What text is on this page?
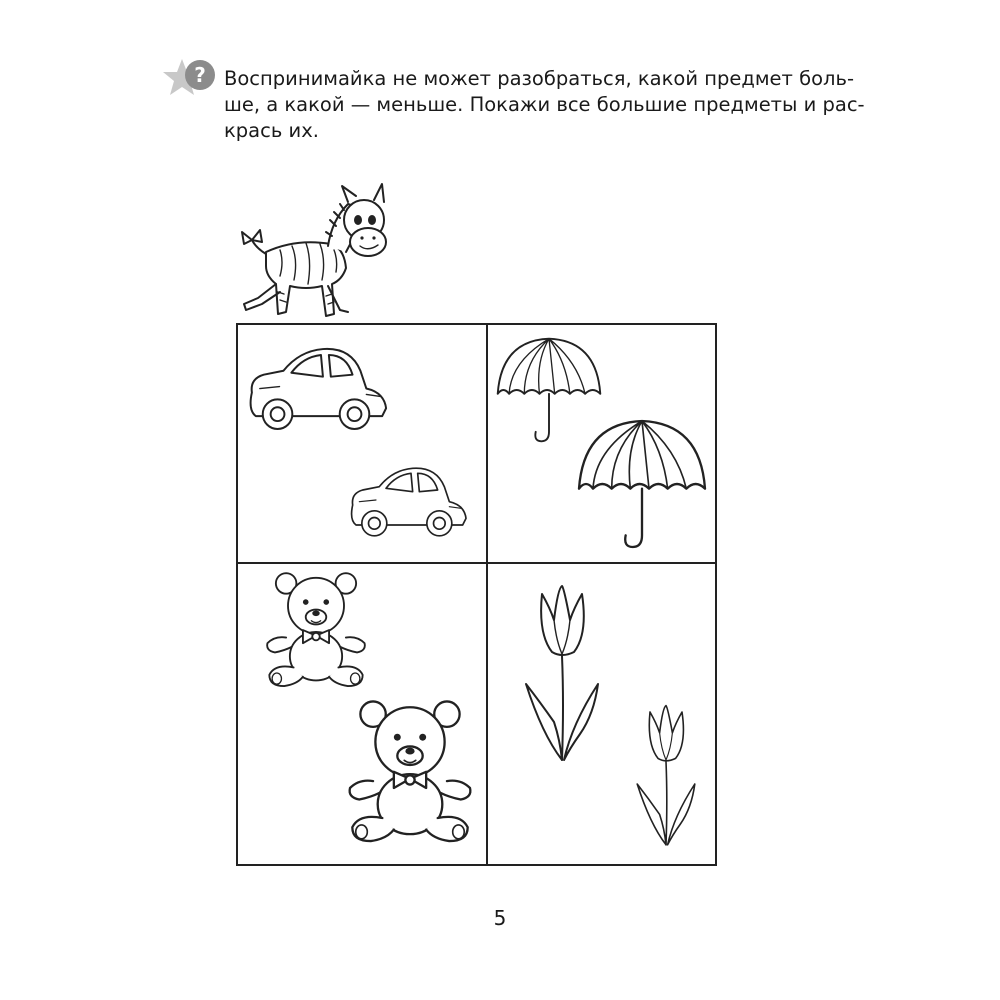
? Воспринимайка не может разобраться, какой предмет боль-
ше, а какой — меньше. Покажи все большие предметы и рас-
крась их.

5
